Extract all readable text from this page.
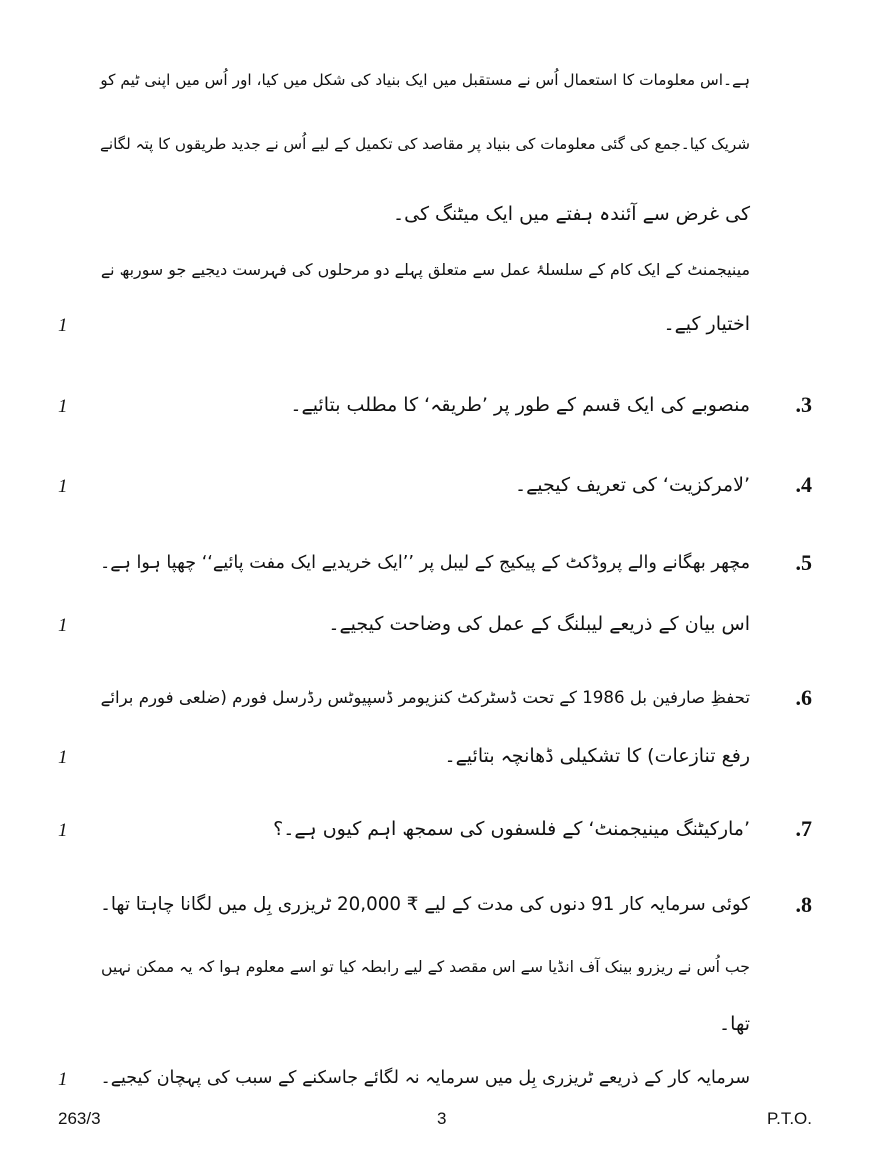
ہے۔اس معلومات کا استعمال اُس نے مستقبل میں ایک بنیاد کی شکل میں کیا، اور اُس میں اپنی ٹیم کو
شریک کیا۔جمع کی گئی معلومات کی بنیاد پر مقاصد کی تکمیل کے لیے اُس نے جدید طریقوں کا پتہ لگانے
کی غرض سے آئندہ ہفتے میں ایک میٹنگ کی۔
مینیجمنٹ کے ایک کام کے سلسلۂ عمل سے متعلق پہلے دو مرحلوں کی فہرست دیجیے جو سوربھ نے
اختیار کیے۔
1
3.
منصوبے کی ایک قسم کے طور پر ’طریقہ‘ کا مطلب بتائیے۔
1
4.
’لامرکزیت‘ کی تعریف کیجیے۔
1
5.
مچھر بھگانے والے پروڈکٹ کے پیکیج کے لیبل پر ’’ایک خریدیے ایک مفت پائیے‘‘ چھپا ہوا ہے۔
اس بیان کے ذریعے لیبلنگ کے عمل کی وضاحت کیجیے۔
1
6.
تحفظِ صارفین بل 1986 کے تحت ڈسٹرکٹ کنزیومر ڈسپیوٹس رڈرسل فورم (ضلعی فورم برائے
رفع تنازعات) کا تشکیلی ڈھانچہ بتائیے۔
1
7.
’مارکیٹنگ مینیجمنٹ‘ کے فلسفوں کی سمجھ اہم کیوں ہے۔؟
1
8.
کوئی سرمایہ کار 91 دنوں کی مدت کے لیے ₹ 20,000 ٹریزری بِل میں لگانا چاہتا تھا۔
جب اُس نے ریزرو بینک آف انڈیا سے اس مقصد کے لیے رابطہ کیا تو اسے معلوم ہوا کہ یہ ممکن نہیں
تھا۔
سرمایہ کار کے ذریعے ٹریزری بِل میں سرمایہ نہ لگائے جاسکنے کے سبب کی پہچان کیجیے۔
1
263/3	3	P.T.O.
